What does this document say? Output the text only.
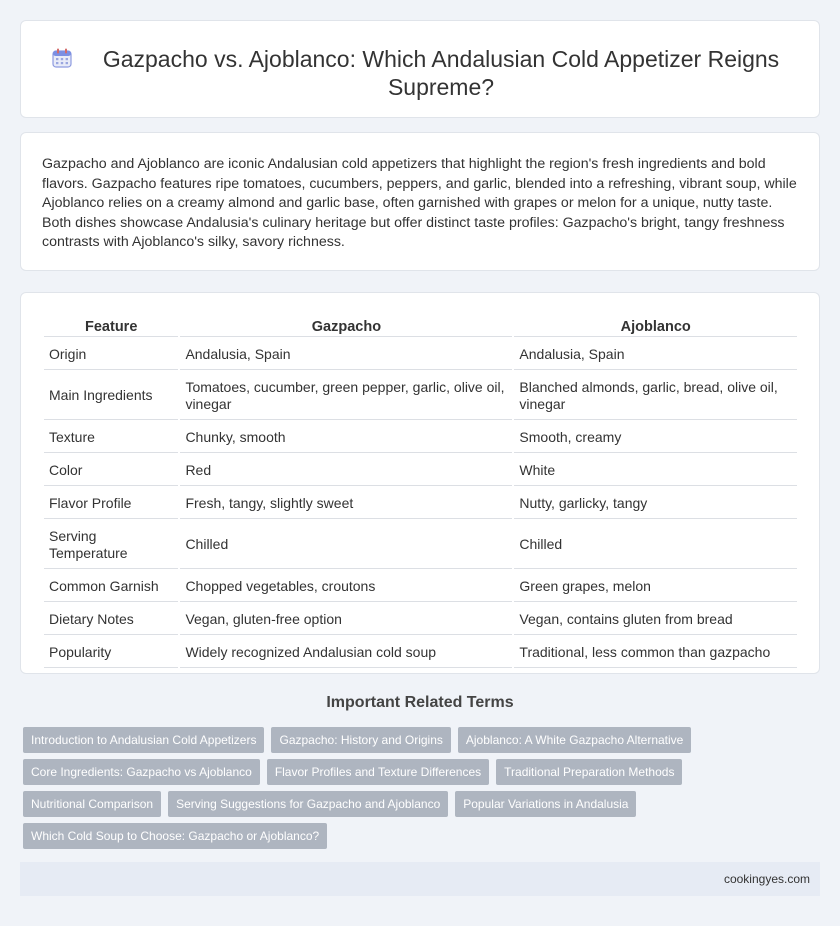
Gazpacho vs. Ajoblanco: Which Andalusian Cold Appetizer Reigns Supreme?

Gazpacho and Ajoblanco are iconic Andalusian cold appetizers that highlight the region's fresh ingredients and bold flavors. Gazpacho features ripe tomatoes, cucumbers, peppers, and garlic, blended into a refreshing, vibrant soup, while Ajoblanco relies on a creamy almond and garlic base, often garnished with grapes or melon for a unique, nutty taste. Both dishes showcase Andalusia's culinary heritage but offer distinct taste profiles: Gazpacho's bright, tangy freshness contrasts with Ajoblanco's silky, savory richness.

Feature	Gazpacho	Ajoblanco
Origin	Andalusia, Spain	Andalusia, Spain
Main Ingredients	Tomatoes, cucumber, green pepper, garlic, olive oil, vinegar	Blanched almonds, garlic, bread, olive oil, vinegar
Texture	Chunky, smooth	Smooth, creamy
Color	Red	White
Flavor Profile	Fresh, tangy, slightly sweet	Nutty, garlicky, tangy
Serving Temperature	Chilled	Chilled
Common Garnish	Chopped vegetables, croutons	Green grapes, melon
Dietary Notes	Vegan, gluten-free option	Vegan, contains gluten from bread
Popularity	Widely recognized Andalusian cold soup	Traditional, less common than gazpacho
Important Related Terms
Introduction to Andalusian Cold Appetizers	Gazpacho: History and Origins	Ajoblanco: A White Gazpacho Alternative
Core Ingredients: Gazpacho vs Ajoblanco	Flavor Profiles and Texture Differences	Traditional Preparation Methods
Nutritional Comparison	Serving Suggestions for Gazpacho and Ajoblanco	Popular Variations in Andalusia
Which Cold Soup to Choose: Gazpacho or Ajoblanco?
cookingyes.com
